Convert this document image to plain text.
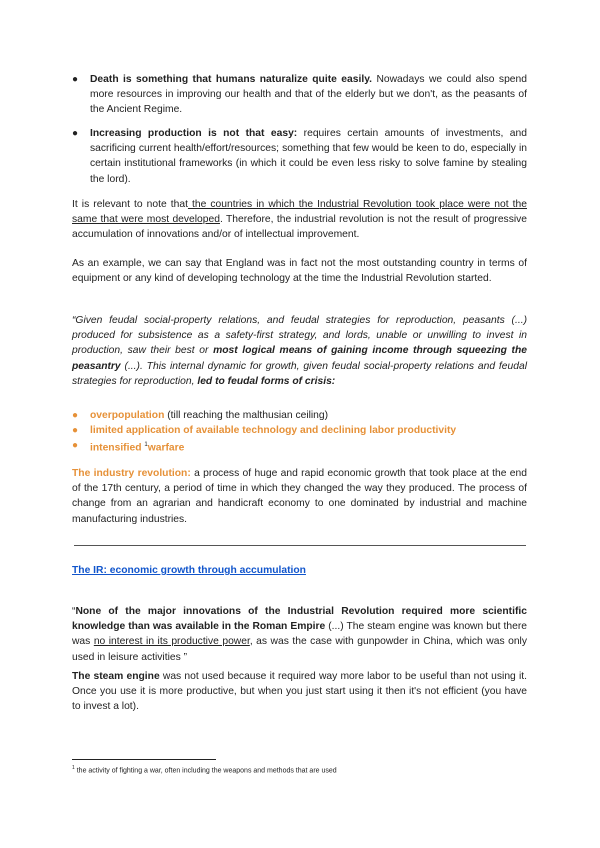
● Death is something that humans naturalize quite easily. Nowadays we could also spend more resources in improving our health and that of the elderly but we don't, as the peasants of the Ancient Regime.
● Increasing production is not that easy: requires certain amounts of investments, and sacrificing current health/effort/resources; something that few would be keen to do, especially in certain institutional frameworks (in which it could be even less risky to solve famine by stealing the lord).

It is relevant to note that the countries in which the Industrial Revolution took place were not the same that were most developed. Therefore, the industrial revolution is not the result of progressive accumulation of innovations and/or of intellectual improvement.

As an example, we can say that England was in fact not the most outstanding country in terms of equipment or any kind of developing technology at the time the Industrial Revolution started.

“Given feudal social-property relations, and feudal strategies for reproduction, peasants (...) produced for subsistence as a safety-first strategy, and lords, unable or unwilling to invest in production, saw their best or most logical means of gaining income through squeezing the peasantry (...). This internal dynamic for growth, given feudal social-property relations and feudal strategies for reproduction, led to feudal forms of crisis:

● overpopulation (till reaching the malthusian ceiling)
● limited application of available technology and declining labor productivity
● intensified $^1$warfare

The industry revolution: a process of huge and rapid economic growth that took place at the end of the 17th century, a period of time in which they changed the way they produced. The process of change from an agrarian and handicraft economy to one dominated by industrial and machine manufacturing industries.

The IR: economic growth through accumulation

“None of the major innovations of the Industrial Revolution required more scientific knowledge than was available in the Roman Empire (...) The steam engine was known but there was no interest in its productive power, as was the case with gunpowder in China, which was only used in leisure activities ”

The steam engine was not used because it required way more labor to be useful than not using it. Once you use it is more productive, but when you just start using it then it's not efficient (you have to invest a lot).

$^1$ the activity of fighting a war, often including the weapons and methods that are used
